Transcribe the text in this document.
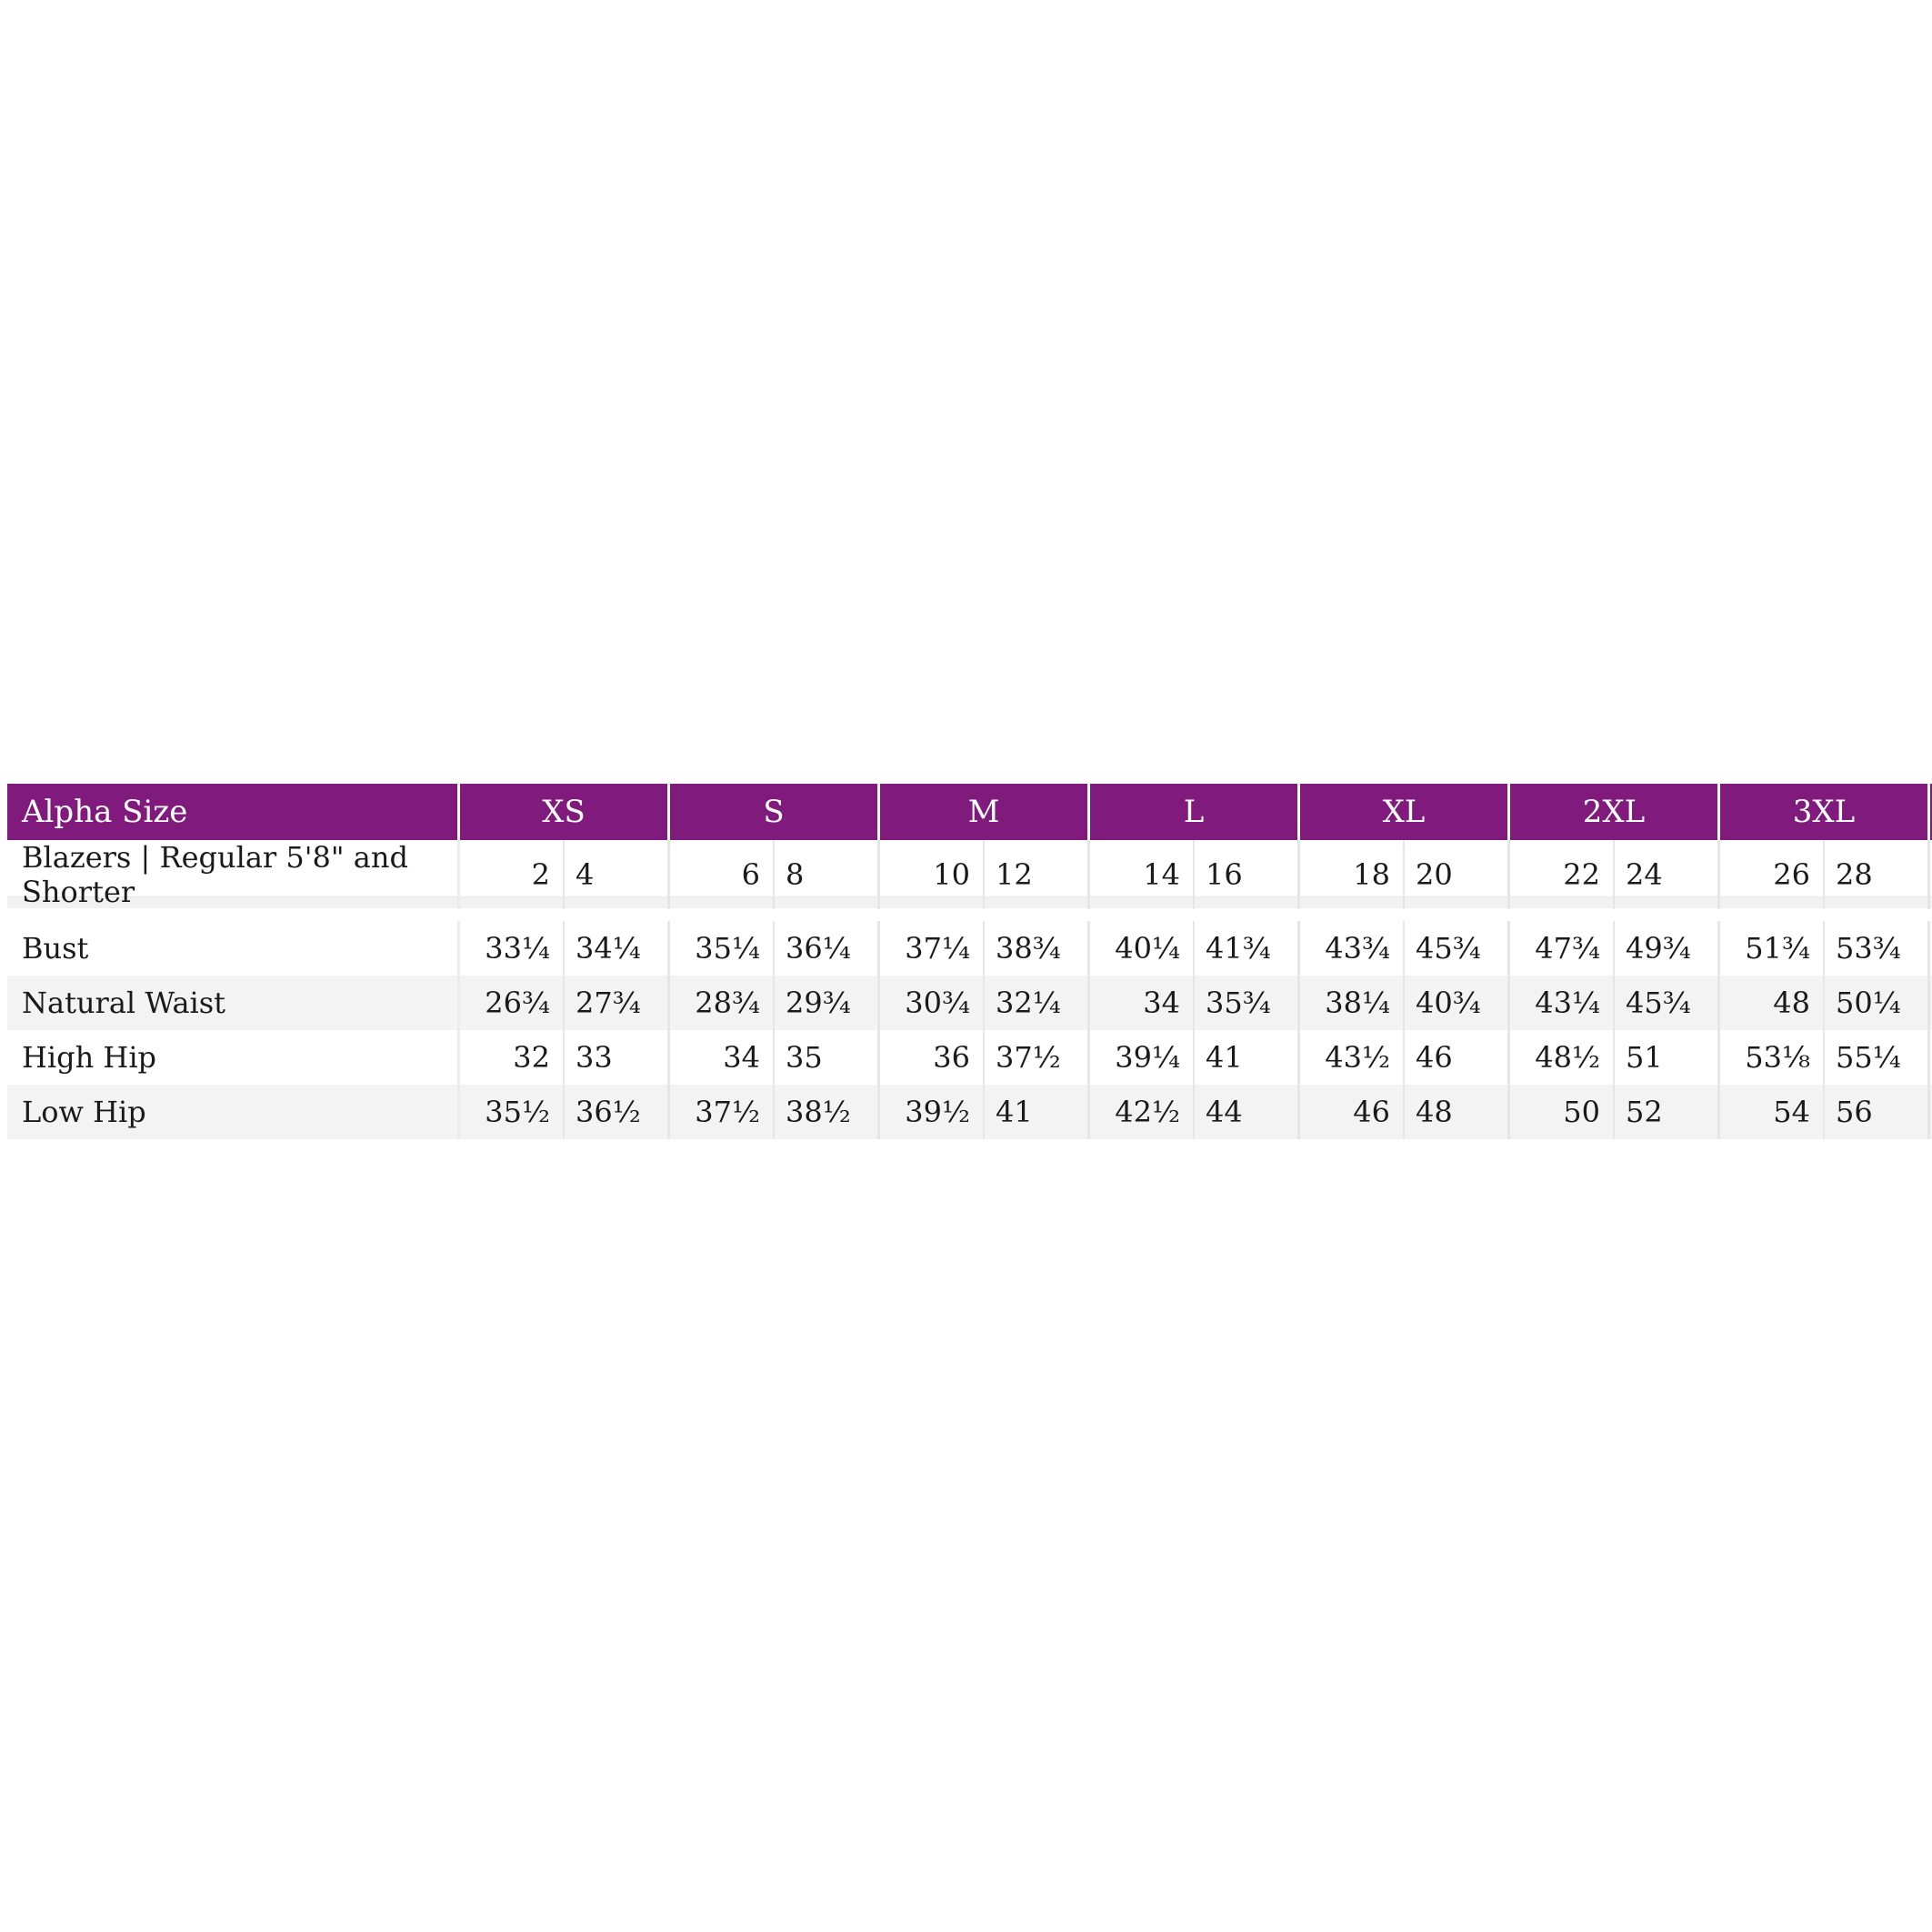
Alpha Size	XS	S	M	L	XL	2XL	3XL
Blazers | Regular 5'8" and Shorter	2 4	6 8	10 12	14 16	18 20	22 24	26 28
Bust	33¼ 34¼	35¼ 36¼	37¼ 38¾	40¼ 41¾	43¾ 45¾	47¾ 49¾	51¾ 53¾
Natural Waist	26¾ 27¾	28¾ 29¾	30¾ 32¼	34 35¾	38¼ 40¾	43¼ 45¾	48 50¼
High Hip	32 33	34 35	36 37½	39¼ 41	43½ 46	48½ 51	53⅛ 55¼
Low Hip	35½ 36½	37½ 38½	39½ 41	42½ 44	46 48	50 52	54 56
